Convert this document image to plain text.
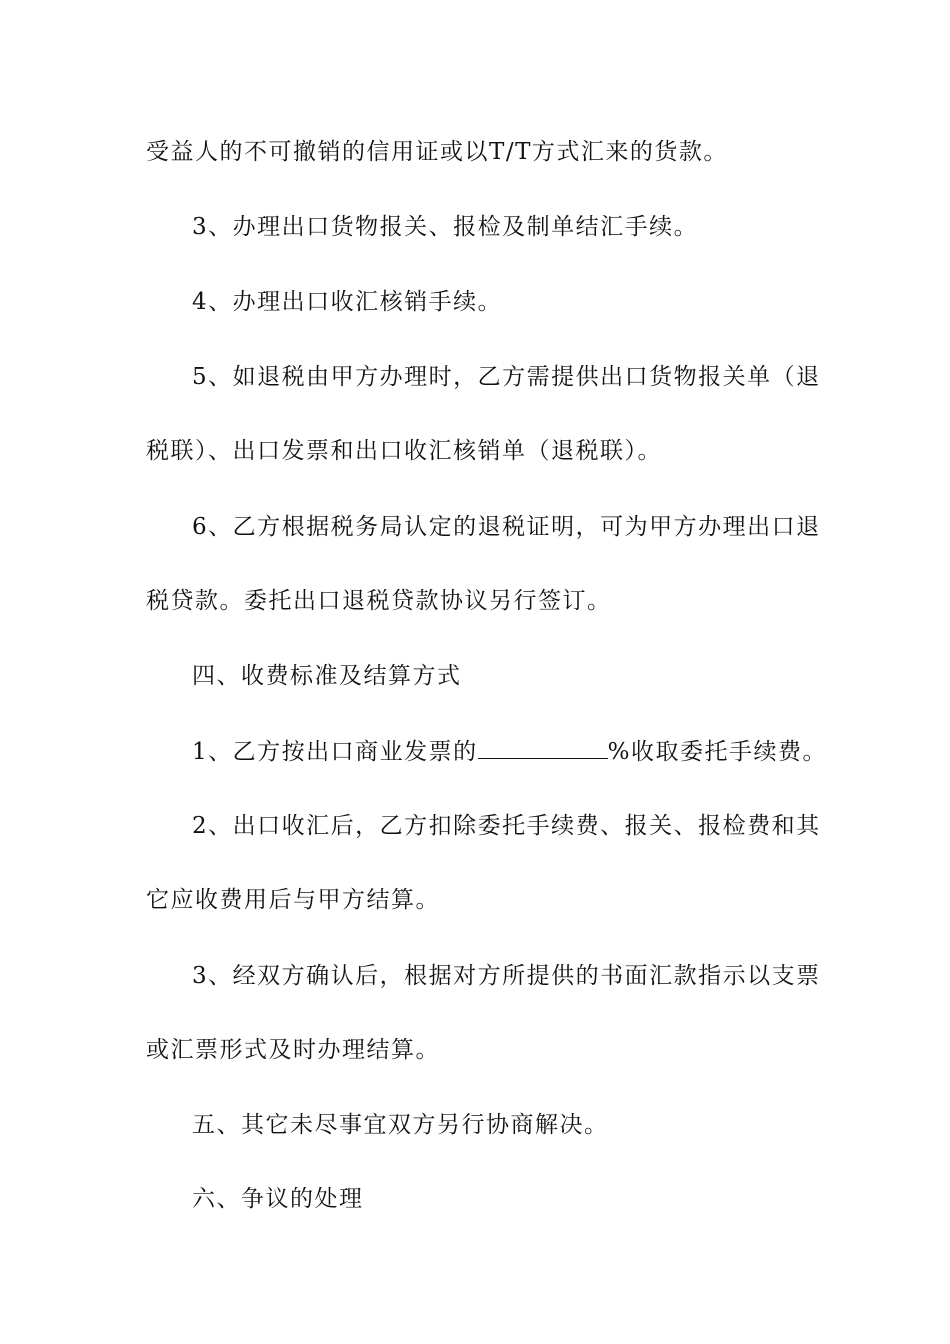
受益人的不可撤销的信用证或以T/T方式汇来的货款。
3、办理出口货物报关、报检及制单结汇手续。
4、办理出口收汇核销手续。
5、如退税由甲方办理时，乙方需提供出口货物报关单（退
税联）、出口发票和出口收汇核销单（退税联）。
6、乙方根据税务局认定的退税证明，可为甲方办理出口退
税贷款。委托出口退税贷款协议另行签订。
四、收费标准及结算方式
1、乙方按出口商业发票的	%收取委托手续费。
2、出口收汇后，乙方扣除委托手续费、报关、报检费和其
它应收费用后与甲方结算。
3、经双方确认后，根据对方所提供的书面汇款指示以支票
或汇票形式及时办理结算。
五、其它未尽事宜双方另行协商解决。
六、争议的处理
